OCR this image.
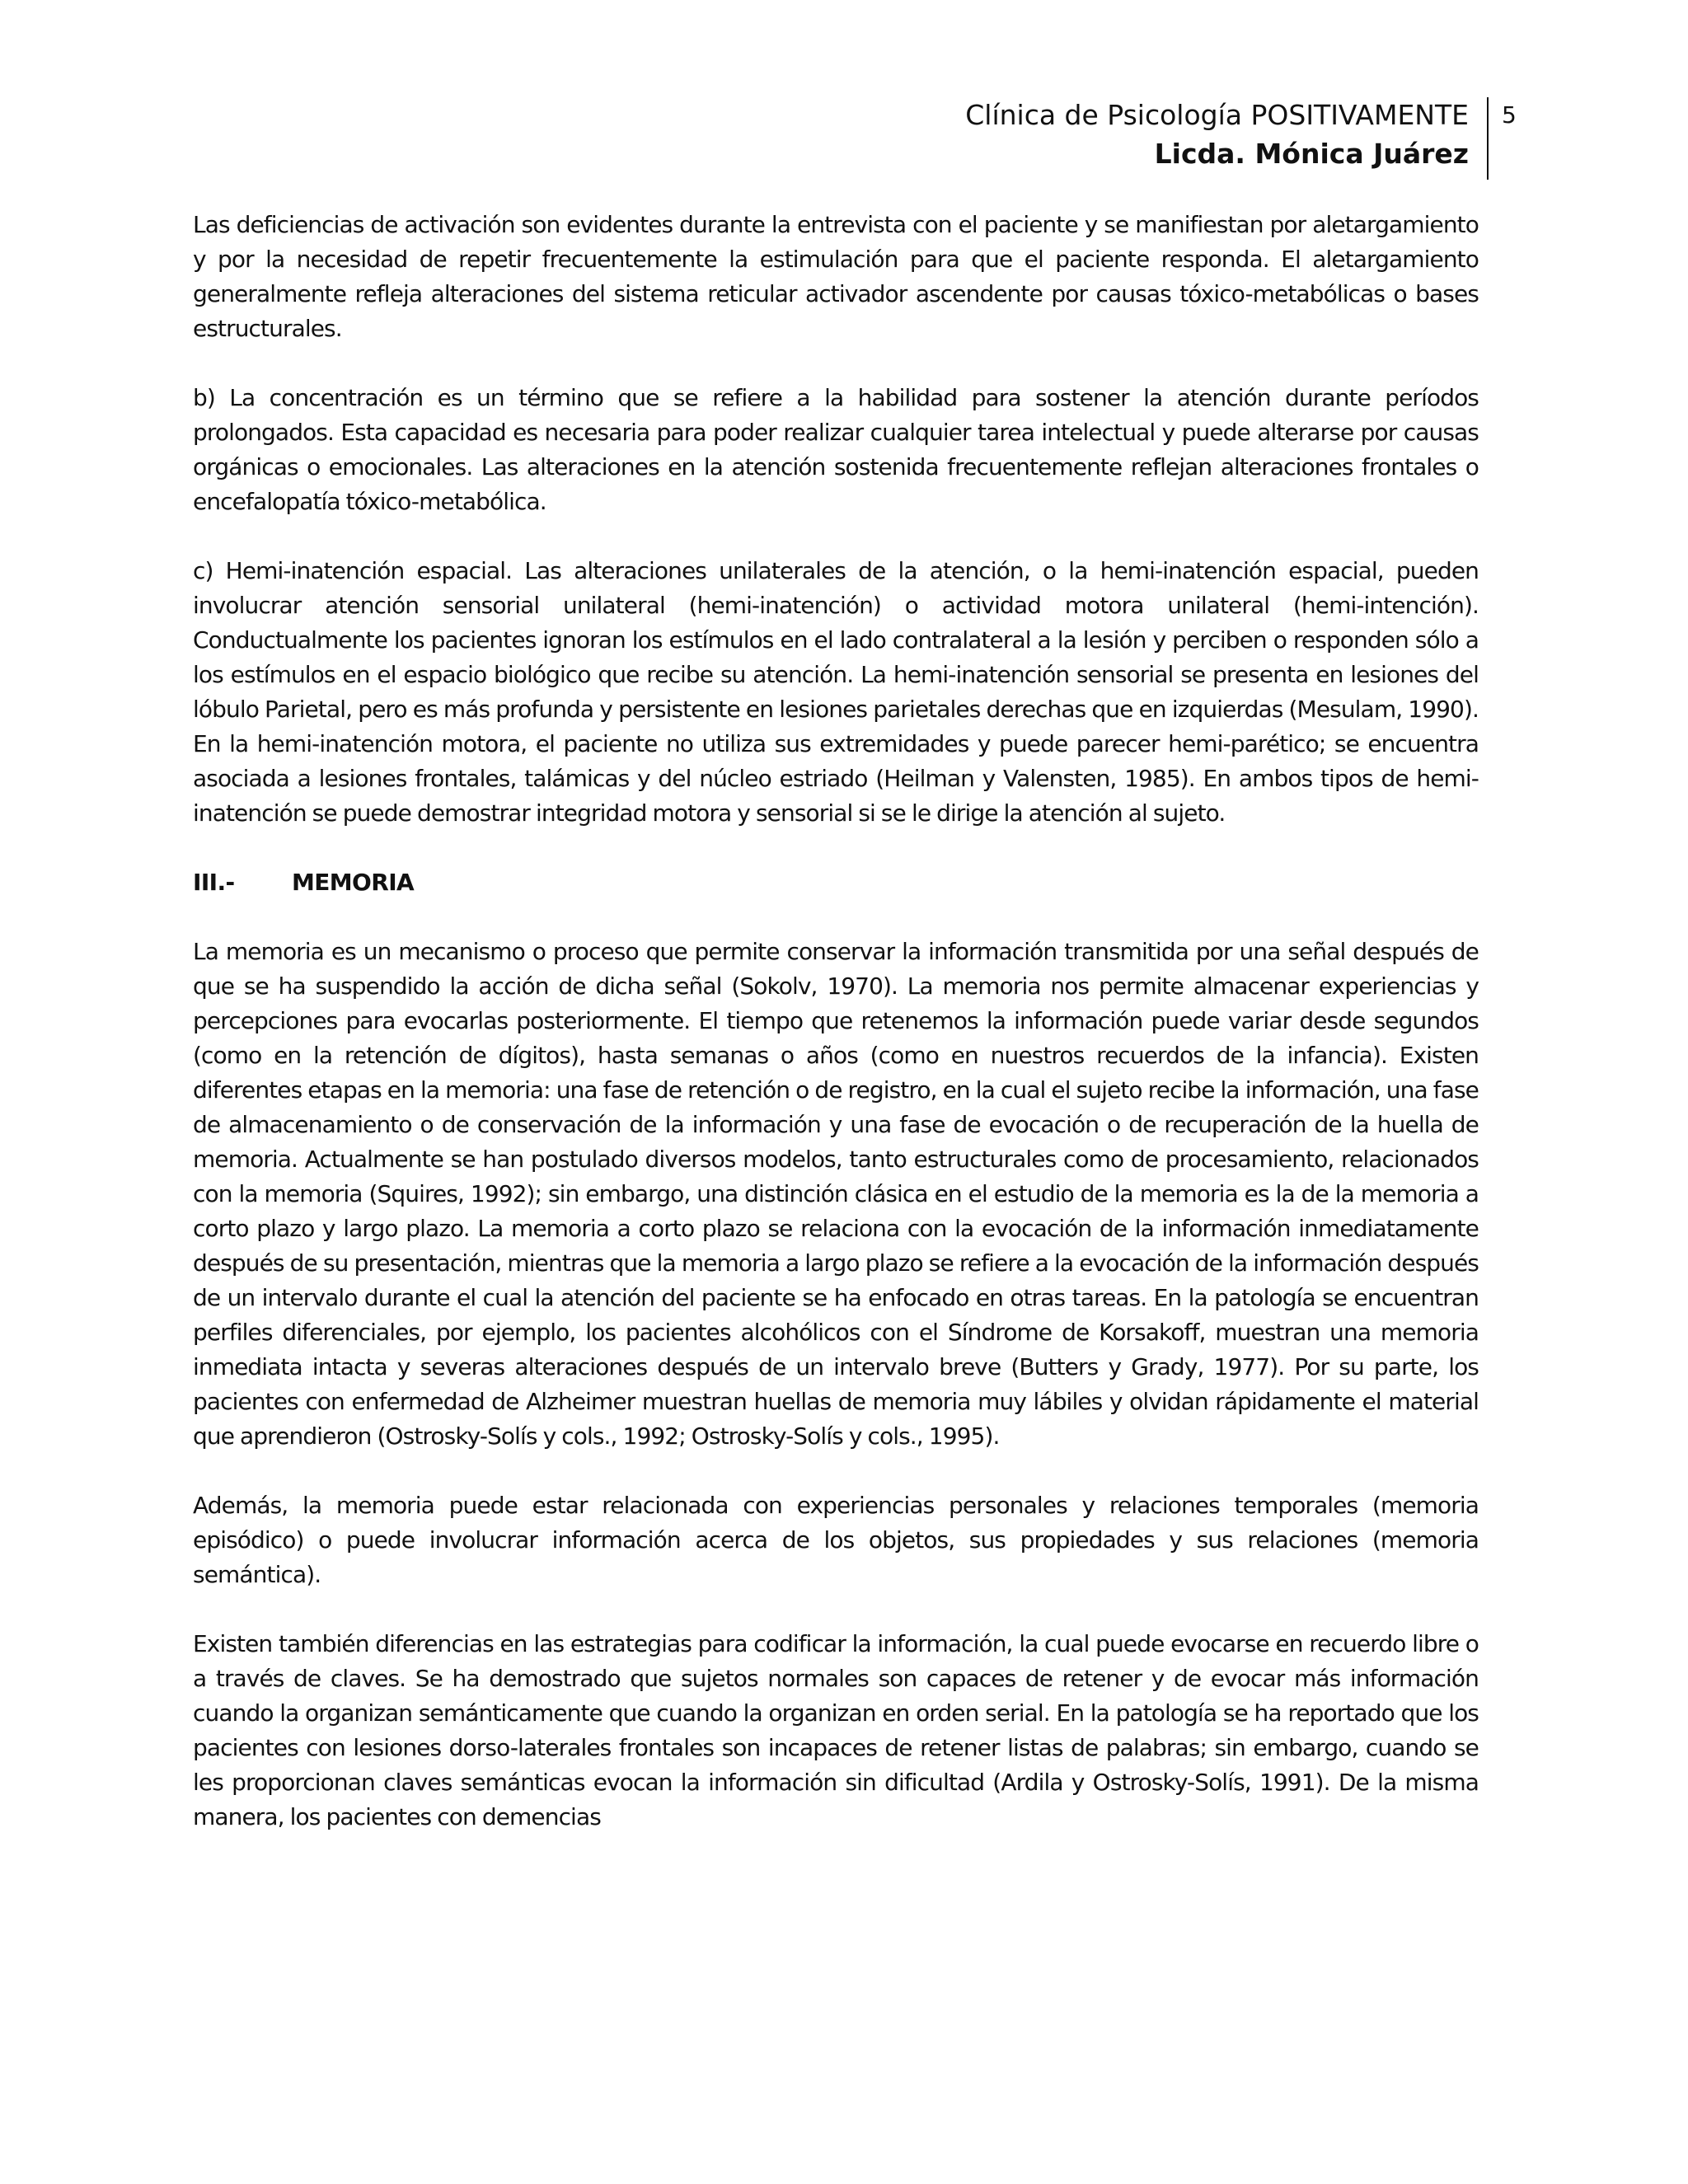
Clínica de Psicología POSITIVAMENTE
Licda. Mónica Juárez
5

Las deficiencias de activación son evidentes durante la entrevista con el paciente y se manifiestan por aletargamiento y por la necesidad de repetir frecuentemente la estimulación para que el paciente responda. El aletargamiento generalmente refleja alteraciones del sistema reticular activador ascendente por causas tóxico-metabólicas o bases estructurales.

b) La concentración es un término que se refiere a la habilidad para sostener la atención durante períodos prolongados. Esta capacidad es necesaria para poder realizar cualquier tarea intelectual y puede alterarse por causas orgánicas o emocionales. Las alteraciones en la atención sostenida frecuentemente reflejan alteraciones frontales o encefalopatía tóxico-metabólica.

c) Hemi-inatención espacial. Las alteraciones unilaterales de la atención, o la hemi-inatención espacial, pueden involucrar atención sensorial unilateral (hemi-inatención) o actividad motora unilateral (hemi-intención). Conductualmente los pacientes ignoran los estímulos en el lado contralateral a la lesión y perciben o responden sólo a los estímulos en el espacio biológico que recibe su atención. La hemi-inatención sensorial se presenta en lesiones del lóbulo Parietal, pero es más profunda y persistente en lesiones parietales derechas que en izquierdas (Mesulam, 1990). En la hemi-inatención motora, el paciente no utiliza sus extremidades y puede parecer hemi-parético; se encuentra asociada a lesiones frontales, talámicas y del núcleo estriado (Heilman y Valensten, 1985). En ambos tipos de hemi-inatención se puede demostrar integridad motora y sensorial si se le dirige la atención al sujeto.

III.- MEMORIA

La memoria es un mecanismo o proceso que permite conservar la información transmitida por una señal después de que se ha suspendido la acción de dicha señal (Sokolv, 1970). La memoria nos permite almacenar experiencias y percepciones para evocarlas posteriormente. El tiempo que retenemos la información puede variar desde segundos (como en la retención de dígitos), hasta semanas o años (como en nuestros recuerdos de la infancia). Existen diferentes etapas en la memoria: una fase de retención o de registro, en la cual el sujeto recibe la información, una fase de almacenamiento o de conservación de la información y una fase de evocación o de recuperación de la huella de memoria. Actualmente se han postulado diversos modelos, tanto estructurales como de procesamiento, relacionados con la memoria (Squires, 1992); sin embargo, una distinción clásica en el estudio de la memoria es la de la memoria a corto plazo y largo plazo. La memoria a corto plazo se relaciona con la evocación de la información inmediatamente después de su presentación, mientras que la memoria a largo plazo se refiere a la evocación de la información después de un intervalo durante el cual la atención del paciente se ha enfocado en otras tareas. En la patología se encuentran perfiles diferenciales, por ejemplo, los pacientes alcohólicos con el Síndrome de Korsakoff, muestran una memoria inmediata intacta y severas alteraciones después de un intervalo breve (Butters y Grady, 1977). Por su parte, los pacientes con enfermedad de Alzheimer muestran huellas de memoria muy lábiles y olvidan rápidamente el material que aprendieron (Ostrosky-Solís y cols., 1992; Ostrosky-Solís y cols., 1995).

Además, la memoria puede estar relacionada con experiencias personales y relaciones temporales (memoria episódico) o puede involucrar información acerca de los objetos, sus propiedades y sus relaciones (memoria semántica).

Existen también diferencias en las estrategias para codificar la información, la cual puede evocarse en recuerdo libre o a través de claves. Se ha demostrado que sujetos normales son capaces de retener y de evocar más información cuando la organizan semánticamente que cuando la organizan en orden serial. En la patología se ha reportado que los pacientes con lesiones dorso-laterales frontales son incapaces de retener listas de palabras; sin embargo, cuando se les proporcionan claves semánticas evocan la información sin dificultad (Ardila y Ostrosky-Solís, 1991). De la misma manera, los pacientes con demencias
